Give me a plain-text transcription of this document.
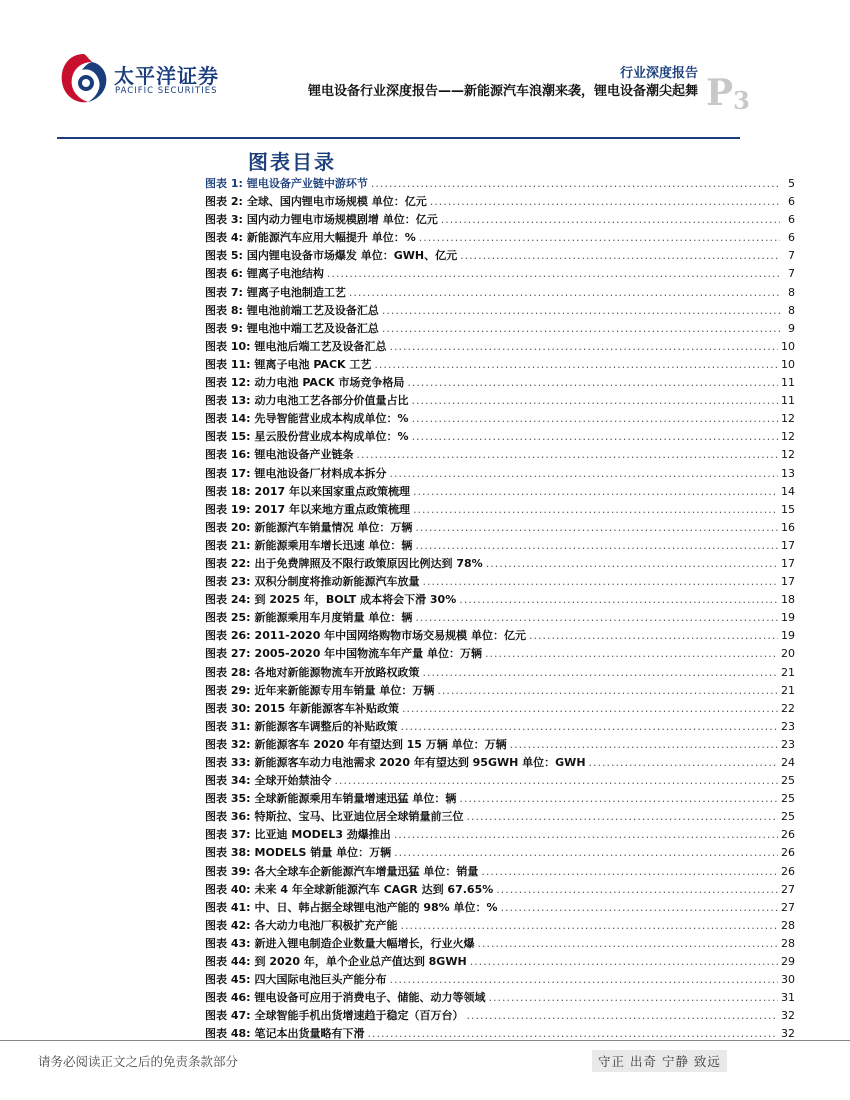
太平洋证券
PACIFIC SECURITIES
行业深度报告
锂电设备行业深度报告——新能源汽车浪潮来袭，锂电设备潮尖起舞 $P_3$
图表目录
图表 1: 锂电设备产业链中游环节 .....	5
图表 2: 全球、国内锂电市场规模 单位：亿元 .....	6
图表 3: 国内动力锂电市场规模剧增 单位：亿元 .....	6
图表 4: 新能源汽车应用大幅提升 单位：% .....	6
图表 5: 国内锂电设备市场爆发 单位：GWH、亿元 .....	7
图表 6: 锂离子电池结构 .....	7
图表 7: 锂离子电池制造工艺 .....	8
图表 8: 锂电池前端工艺及设备汇总 .....	8
图表 9: 锂电池中端工艺及设备汇总 .....	9
图表 10: 锂电池后端工艺及设备汇总 .....	10
图表 11: 锂离子电池 PACK 工艺 .....	10
图表 12: 动力电池 PACK 市场竞争格局 .....	11
图表 13: 动力电池工艺各部分价值量占比 .....	11
图表 14: 先导智能营业成本构成单位：% .....	12
图表 15: 星云股份营业成本构成单位：% .....	12
图表 16: 锂电池设备产业链条 .....	12
图表 17: 锂电池设备厂材料成本拆分 .....	13
图表 18: 2017 年以来国家重点政策梳理 .....	14
图表 19: 2017 年以来地方重点政策梳理 .....	15
图表 20: 新能源汽车销量情况 单位：万辆 .....	16
图表 21: 新能源乘用车增长迅速 单位：辆 .....	17
图表 22: 出于免费牌照及不限行政策原因比例达到 78% .....	17
图表 23: 双积分制度将推动新能源汽车放量 .....	17
图表 24: 到 2025 年，BOLT 成本将会下滑 30% .....	18
图表 25: 新能源乘用车月度销量 单位：辆 .....	19
图表 26: 2011-2020 年中国网络购物市场交易规模 单位：亿元 .....	19
图表 27: 2005-2020 年中国物流车年产量 单位：万辆 .....	20
图表 28: 各地对新能源物流车开放路权政策 .....	21
图表 29: 近年来新能源专用车销量 单位：万辆 .....	21
图表 30: 2015 年新能源客车补贴政策 .....	22
图表 31: 新能源客车调整后的补贴政策 .....	23
图表 32: 新能源客车 2020 年有望达到 15 万辆 单位：万辆 .....	23
图表 33: 新能源客车动力电池需求 2020 年有望达到 95GWH 单位：GWH .....	24
图表 34: 全球开始禁油令 .....	25
图表 35: 全球新能源乘用车销量增速迅猛 单位：辆 .....	25
图表 36: 特斯拉、宝马、比亚迪位居全球销量前三位 .....	25
图表 37: 比亚迪 MODEL3 劲爆推出 .....	26
图表 38: MODELS 销量 单位：万辆 .....	26
图表 39: 各大全球车企新能源汽车增量迅猛 单位：销量 .....	26
图表 40: 未来 4 年全球新能源汽车 CAGR 达到 67.65% .....	27
图表 41: 中、日、韩占据全球锂电池产能的 98% 单位：% .....	27
图表 42: 各大动力电池厂积极扩充产能 .....	28
图表 43: 新进入锂电制造企业数量大幅增长，行业火爆 .....	28
图表 44: 到 2020 年，单个企业总产值达到 8GWH .....	29
图表 45: 四大国际电池巨头产能分布 .....	30
图表 46: 锂电设备可应用于消费电子、储能、动力等领域 .....	31
图表 47: 全球智能手机出货增速趋于稳定（百万台） .....	32
图表 48: 笔记本出货量略有下滑 .....	32
请务必阅读正文之后的免责条款部分	守正 出奇 宁静 致远
